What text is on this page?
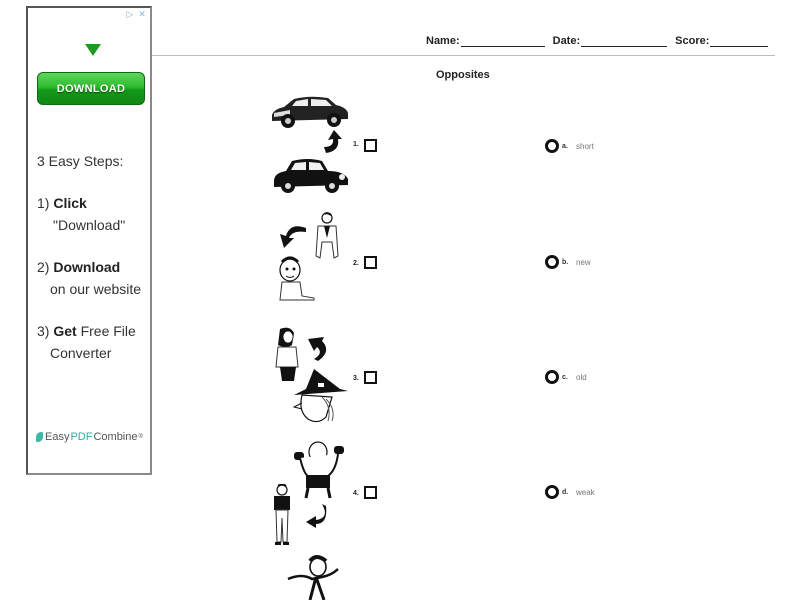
▷ ✕
DOWNLOAD
3 Easy Steps:
1) Click
"Download"
2) Download
on our website
3) Get Free File
Converter
Easy PDF Combine ®
Name:	Date:	Score:
Opposites
1.
2.
3.
4.
a.	short
b. new
c.	old
d. weak
